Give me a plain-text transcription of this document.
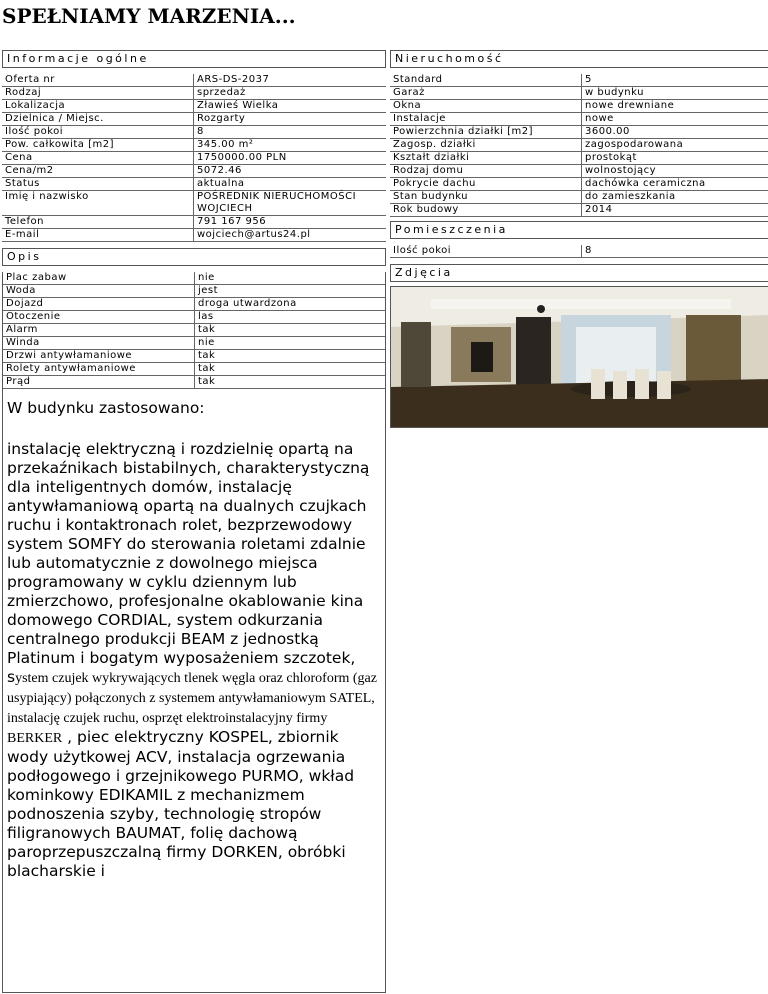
SPEŁNIAMY MARZENIA...
Informacje ogólne
Oferta nr	ARS-DS-2037
Rodzaj	sprzedaż
Lokalizacja	Zławieś Wielka
Dzielnica / Miejsc.	Rozgarty
Ilość pokoi	8
Pow. całkowita [m2]	345.00 m²
Cena	1750000.00 PLN
Cena/m2	5072.46
Status	aktualna
Imię i nazwisko	POŚREDNIK NIERUCHOMOŚCI WOJCIECH
Telefon	791 167 956
E-mail	wojciech@artus24.pl
Opis
Plac zabaw	nie
Woda	jest
Dojazd	droga utwardzona
Otoczenie	las
Alarm	tak
Winda	nie
Drzwi antywłamaniowe	tak
Rolety antywłamaniowe	tak
Prąd	tak
W budynku zastosowano:
instalację elektryczną i rozdzielnię opartą na przekaźnikach bistabilnych, charakterystyczną dla inteligentnych domów, instalację antywłamaniową opartą na dualnych czujkach ruchu i kontaktronach rolet, bezprzewodowy system SOMFY do sterowania roletami zdalnie lub automatycznie z dowolnego miejsca programowany w cyklu dziennym lub zmierzchowo, profesjonalne okablowanie kina domowego CORDIAL, system odkurzania centralnego produkcji BEAM z jednostką Platinum i bogatym wyposażeniem szczotek, system czujek wykrywających tlenek węgla oraz chloroform (gaz usypiający) połączonych z systemem antywłamaniowym SATEL, instalację czujek ruchu, osprzęt elektroinstalacyjny firmy BERKER , piec elektryczny KOSPEL, zbiornik wody użytkowej ACV, instalacja ogrzewania podłogowego i grzejnikowego PURMO, wkład kominkowy EDIKAMIL z mechanizmem podnoszenia szyby, technologię stropów filigranowych BAUMAT, folię dachową paroprzepuszczalną firmy DORKEN, obróbki blacharskie i
Nieruchomość
Standard	5
Garaż	w budynku
Okna	nowe drewniane
Instalacje	nowe
Powierzchnia działki [m2]	3600.00
Zagosp. działki	zagospodarowana
Kształt działki	prostokąt
Rodzaj domu	wolnostojący
Pokrycie dachu	dachówka ceramiczna
Stan budynku	do zamieszkania
Rok budowy	2014
Pomieszczenia
Ilość pokoi	8
Zdjęcia
